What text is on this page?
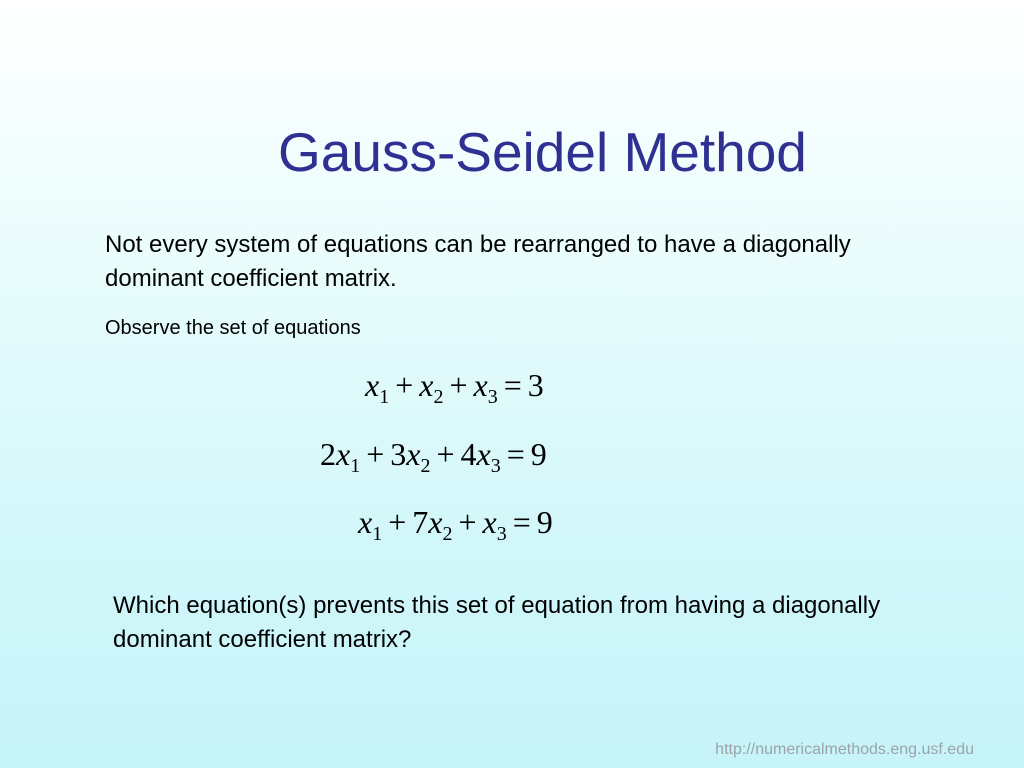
Gauss-Seidel Method
Not every system of equations can be rearranged to have a diagonally dominant coefficient matrix.
Observe the set of equations
$x_1 + x_2 + x_3 = 3$
$2x_1 + 3x_2 + 4x_3 = 9$
$x_1 + 7x_2 + x_3 = 9$
Which equation(s) prevents this set of equation from having a diagonally dominant coefficient matrix?
http://numericalmethods.eng.usf.edu
